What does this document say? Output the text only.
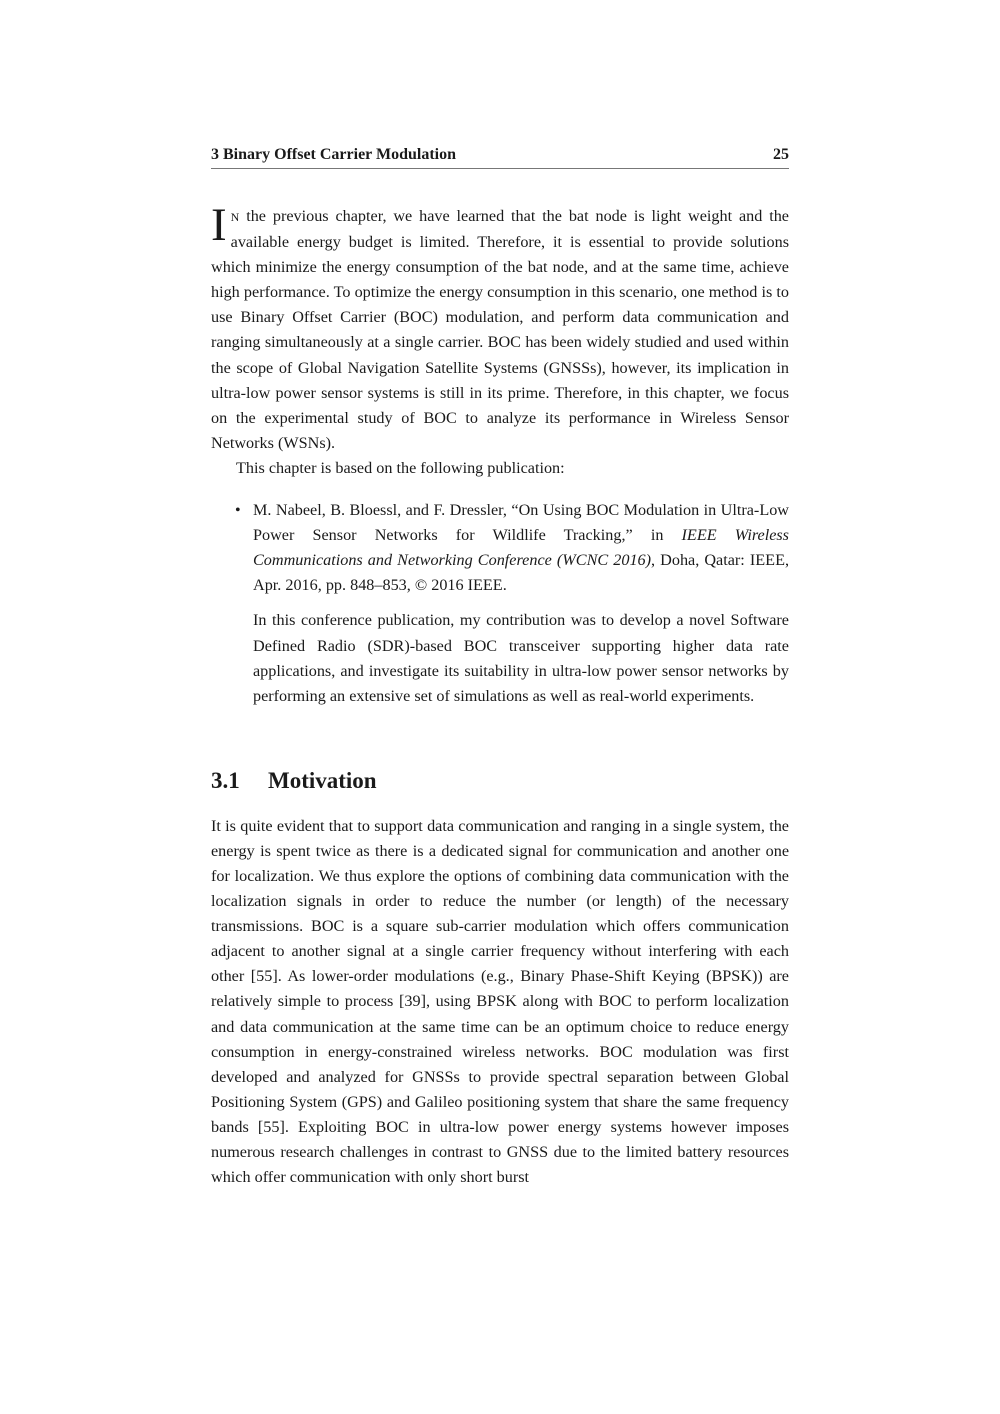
3 Binary Offset Carrier Modulation	25

I N the previous chapter, we have learned that the bat node is light weight and the available energy budget is limited. Therefore, it is essential to provide solutions which minimize the energy consumption of the bat node, and at the same time, achieve high performance. To optimize the energy consumption in this scenario, one method is to use Binary Offset Carrier (BOC) modulation, and perform data communication and ranging simultaneously at a single carrier. BOC has been widely studied and used within the scope of Global Navigation Satellite Systems (GNSSs), however, its implication in ultra-low power sensor systems is still in its prime. Therefore, in this chapter, we focus on the experimental study of BOC to analyze its performance in Wireless Sensor Networks (WSNs).

This chapter is based on the following publication:

• M. Nabeel, B. Bloessl, and F. Dressler, “On Using BOC Modulation in Ultra-Low Power Sensor Networks for Wildlife Tracking,” in IEEE Wireless Communications and Networking Conference (WCNC 2016), Doha, Qatar: IEEE, Apr. 2016, pp. 848–853, © 2016 IEEE.

In this conference publication, my contribution was to develop a novel Software Defined Radio (SDR)-based BOC transceiver supporting higher data rate applications, and investigate its suitability in ultra-low power sensor networks by performing an extensive set of simulations as well as real-world experiments.

3.1 Motivation

It is quite evident that to support data communication and ranging in a single system, the energy is spent twice as there is a dedicated signal for communication and another one for localization. We thus explore the options of combining data communication with the localization signals in order to reduce the number (or length) of the necessary transmissions. BOC is a square sub-carrier modulation which offers communication adjacent to another signal at a single carrier frequency without interfering with each other [55]. As lower-order modulations (e.g., Binary Phase-Shift Keying (BPSK)) are relatively simple to process [39], using BPSK along with BOC to perform localization and data communication at the same time can be an optimum choice to reduce energy consumption in energy-constrained wireless networks. BOC modulation was first developed and analyzed for GNSSs to provide spectral separation between Global Positioning System (GPS) and Galileo positioning system that share the same frequency bands [55]. Exploiting BOC in ultra-low power energy systems however imposes numerous research challenges in contrast to GNSS due to the limited battery resources which offer communication with only short burst
